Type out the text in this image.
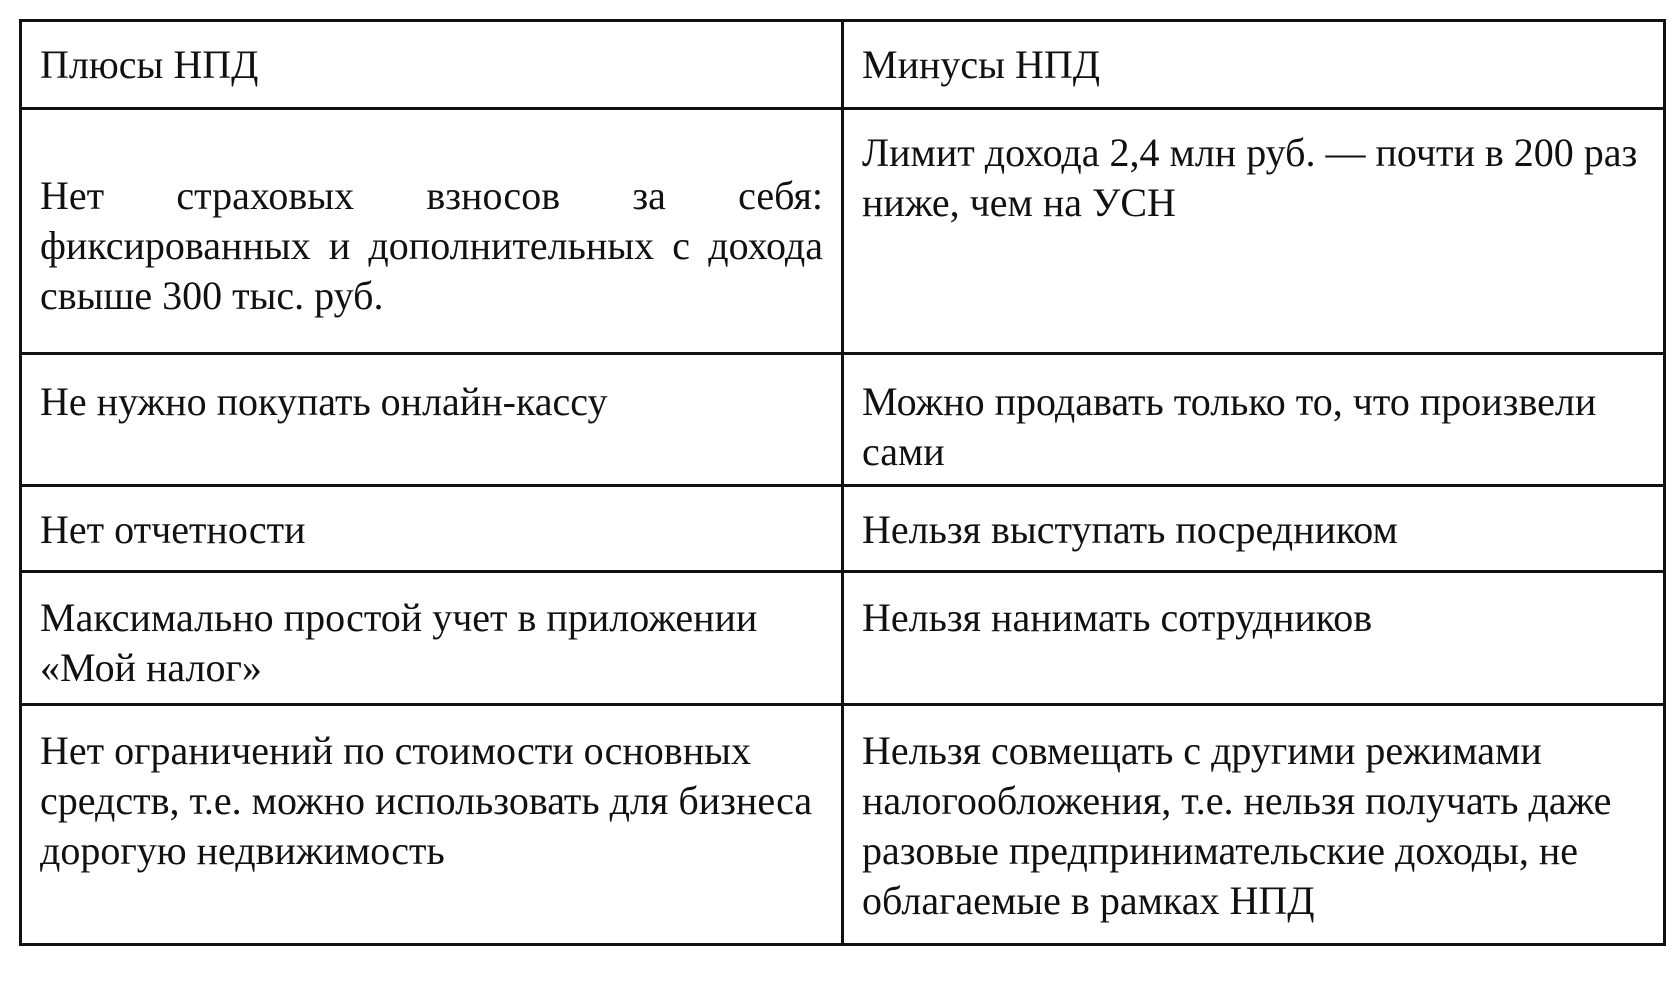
Плюсы НПД	Минусы НПД

Нет страховых взносов за себя: фиксированных и дополнительных с дохода свыше 300 тыс. руб.	Лимит дохода 2,4 млн руб. — почти в 200 раз ниже, чем на УСН

Не нужно покупать онлайн-кассу	Можно продавать только то, что произвели сами

Нет отчетности	Нельзя выступать посредником

Максимально простой учет в приложении «Мой налог»	Нельзя нанимать сотрудников

Нет ограничений по стоимости основных средств, т.е. можно использовать для бизнеса дорогую недвижимость	Нельзя совмещать с другими режимами налогообложения, т.е. нельзя получать даже разовые предпринимательские доходы, не облагаемые в рамках НПД
